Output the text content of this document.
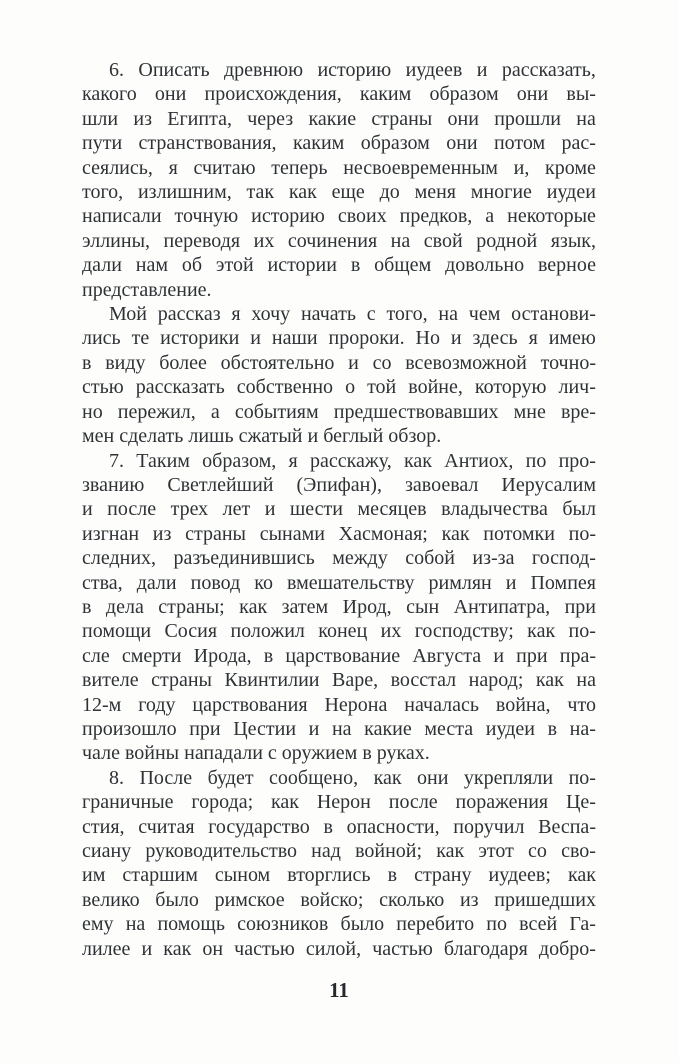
6. Описать древнюю историю иудеев и рассказать,
какого они происхождения, каким образом они вы-
шли из Египта, через какие страны они прошли на
пути странствования, каким образом они потом рас-
сеялись, я считаю теперь несвоевременным и, кроме
того, излишним, так как еще до меня многие иудеи
написали точную историю своих предков, а некоторые
эллины, переводя их сочинения на свой родной язык,
дали нам об этой истории в общем довольно верное
представление.
Мой рассказ я хочу начать с того, на чем останови-
лись те историки и наши пророки. Но и здесь я имею
в виду более обстоятельно и со всевозможной точно-
стью рассказать собственно о той войне, которую лич-
но пережил, а событиям предшествовавших мне вре-
мен сделать лишь сжатый и беглый обзор.
7. Таким образом, я расскажу, как Антиох, по про-
званию Светлейший (Эпифан), завоевал Иерусалим
и после трех лет и шести месяцев владычества был
изгнан из страны сынами Хасмоная; как потомки по-
следних, разъединившись между собой из-за господ-
ства, дали повод ко вмешательству римлян и Помпея
в дела страны; как затем Ирод, сын Антипатра, при
помощи Сосия положил конец их господству; как по-
сле смерти Ирода, в царствование Августа и при пра-
вителе страны Квинтилии Варе, восстал народ; как на
12-м году царствования Нерона началась война, что
произошло при Цестии и на какие места иудеи в на-
чале войны нападали с оружием в руках.
8. После будет сообщено, как они укрепляли по-
граничные города; как Нерон после поражения Це-
стия, считая государство в опасности, поручил Веспа-
сиану руководительство над войной; как этот со сво-
им старшим сыном вторглись в страну иудеев; как
велико было римское войско; сколько из пришедших
ему на помощь союзников было перебито по всей Га-
лилее и как он частью силой, частью благодаря добро-
11
